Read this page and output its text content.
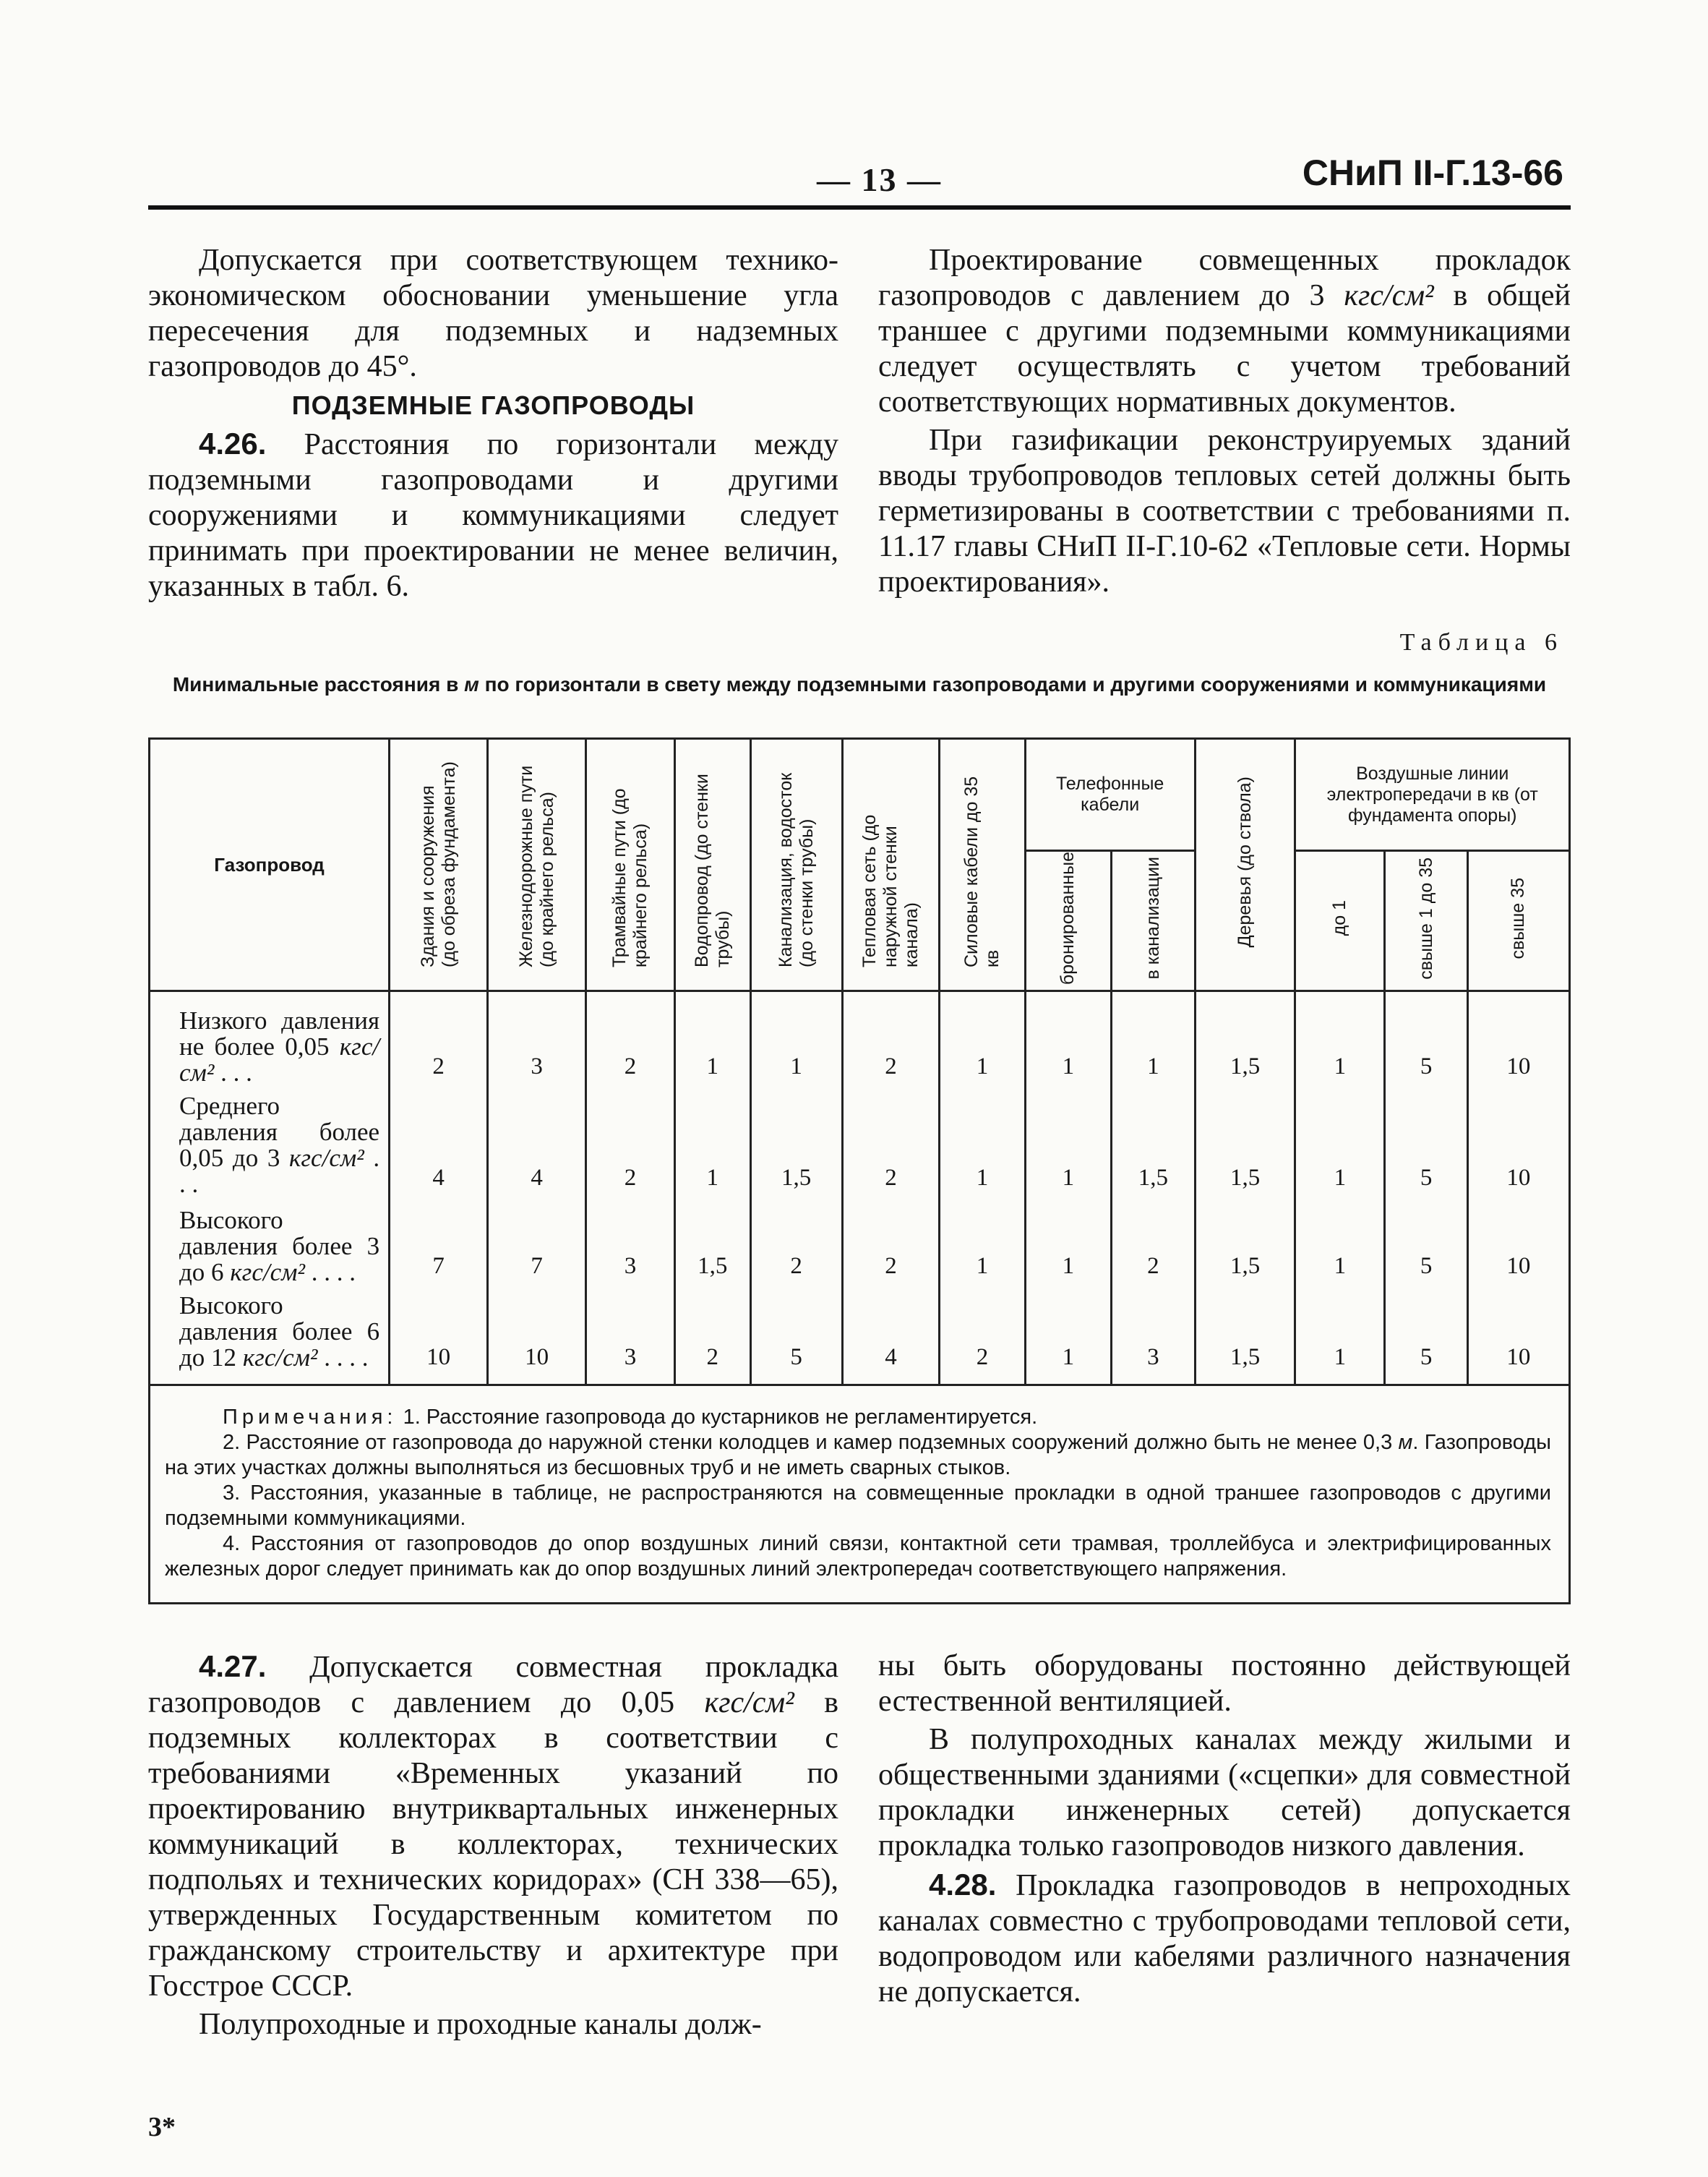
— 13 —	СНиП II-Г.13-66

Допускается при соответствующем технико-экономическом обосновании уменьшение угла пересечения для подземных и надземных газопроводов до 45°.

ПОДЗЕМНЫЕ ГАЗОПРОВОДЫ

4.26. Расстояния по горизонтали между подземными газопроводами и другими сооружениями и коммуникациями следует принимать при проектировании не менее величин, указанных в табл. 6.

Проектирование совмещенных прокладок газопроводов с давлением до 3 кгс/см² в общей траншее с другими подземными коммуникациями следует осуществлять с учетом требований соответствующих нормативных документов.

При газификации реконструируемых зданий вводы трубопроводов тепловых сетей должны быть герметизированы в соответствии с требованиями п. 11.17 главы СНиП II-Г.10-62 «Тепловые сети. Нормы проектирования».

Таблица 6
Минимальные расстояния в м по горизонтали в свету между подземными газопроводами и другими сооружениями и коммуникациями
Газопровод	Здания и сооружения (до обреза фундамента)	Железнодорожные пути (до крайнего рельса)	Трамвайные пути (до крайнего рельса)	Водопровод (до стенки трубы)	Канализация, водосток (до стенки трубы)	Тепловая сеть (до наружной стенки канала)	Силовые кабели до 35 кв	Телефонные кабели		Деревья (до ствола)	Воздушные линии электропередачи в кв (от фундамента опоры)		
								бронированные	в канализации		до 1	свыше 1 до 35	свыше 35
Низкого давления не более 0,05 кгс/см² . . .	2	3	2	1	1	2	1	1	1	1,5	1	5	10
Среднего давления более 0,05 до 3 кгс/см² . . .	4	4	2	1	1,5	2	1	1	1,5	1,5	1	5	10
Высокого давления более 3 до 6 кгс/см² . . . .	7	7	3	1,5	2	2	1	1	2	1,5	1	5	10
Высокого давления более 6 до 12 кгс/см² . . . .	10	10	3	2	5	4	2	1	3	1,5	1	5	10

Примечания: 1. Расстояние газопровода до кустарников не регламентируется.

2. Расстояние от газопровода до наружной стенки колодцев и камер подземных сооружений должно быть не менее 0,3 м. Газопроводы на этих участках должны выполняться из бесшовных труб и не иметь сварных стыков.

3. Расстояния, указанные в таблице, не распространяются на совмещенные прокладки в одной траншее газопроводов с другими подземными коммуникациями.

4. Расстояния от газопроводов до опор воздушных линий связи, контактной сети трамвая, троллейбуса и электрифицированных железных дорог следует принимать как до опор воздушных линий электропередач соответствующего напряжения.													

4.27. Допускается совместная прокладка газопроводов с давлением до 0,05 кгс/см² в подземных коллекторах в соответствии с требованиями «Временных указаний по проектированию внутриквартальных инженерных коммуникаций в коллекторах, технических подпольях и технических коридорах» (СН 338—65), утвержденных Государственным комитетом по гражданскому строительству и архитектуре при Госстрое СССР.

Полупроходные и проходные каналы долж-

ны быть оборудованы постоянно действующей естественной вентиляцией.

В полупроходных каналах между жилыми и общественными зданиями («сцепки» для совместной прокладки инженерных сетей) допускается прокладка только газопроводов низкого давления.

4.28. Прокладка газопроводов в непроходных каналах совместно с трубопроводами тепловой сети, водопроводом или кабелями различного назначения не допускается.

3*
